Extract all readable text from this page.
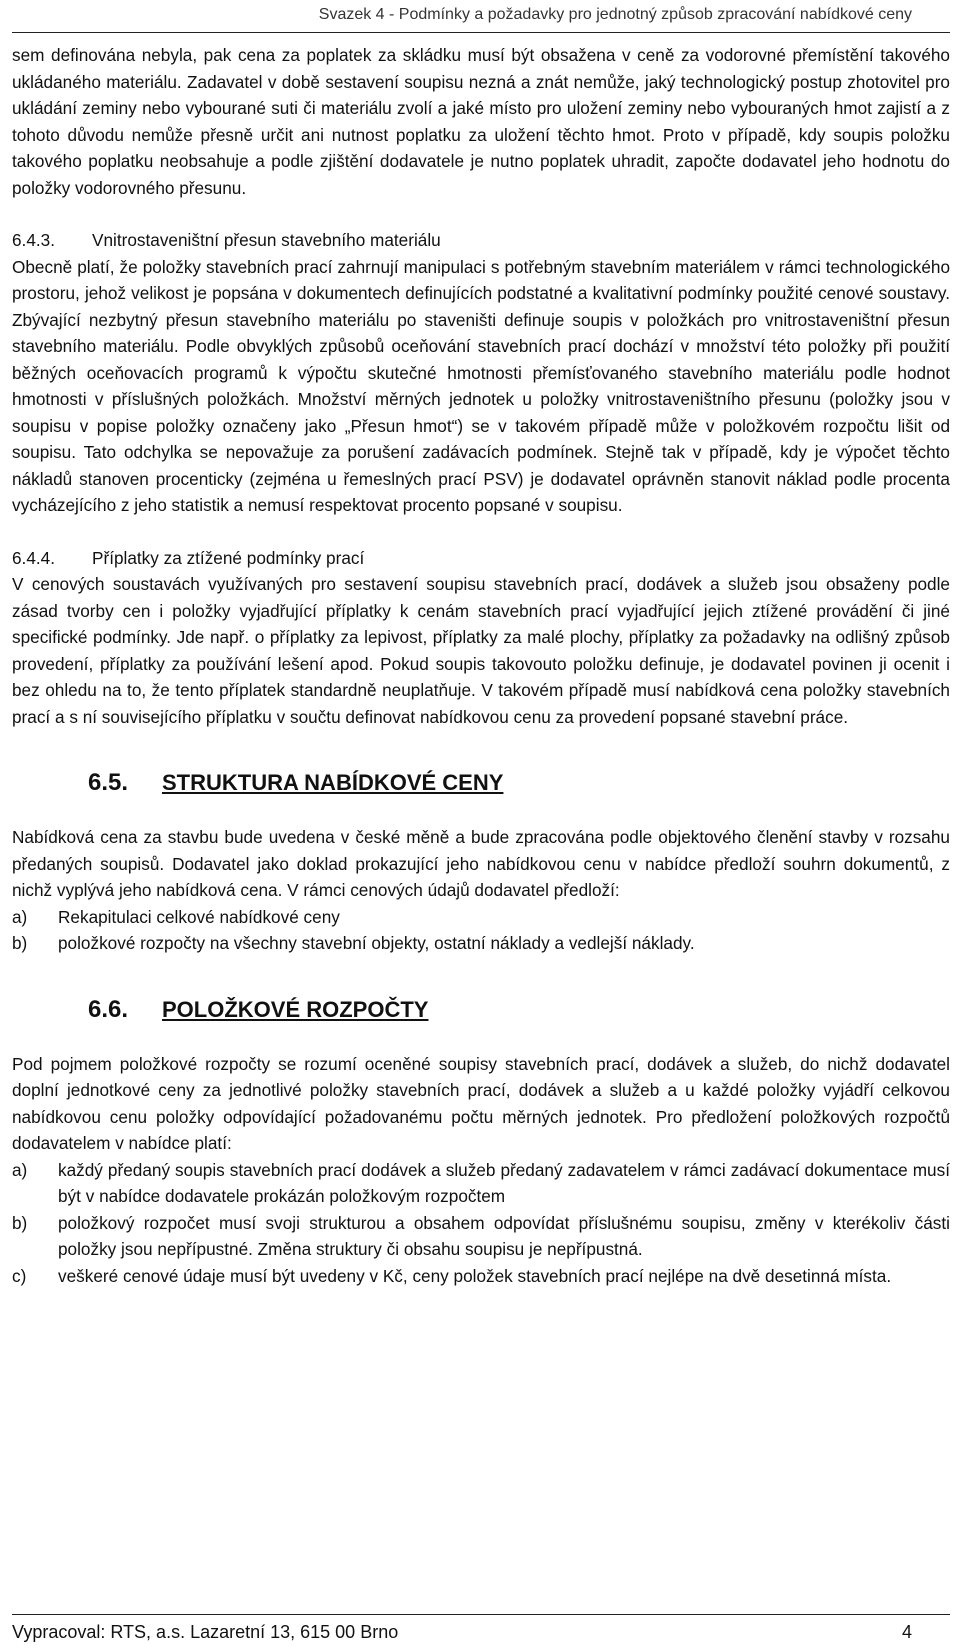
Svazek 4 - Podmínky a požadavky pro jednotný způsob zpracování nabídkové ceny

sem definována nebyla, pak cena za poplatek za skládku musí být obsažena v ceně za vodorovné přemístění takového ukládaného materiálu. Zadavatel v době sestavení soupisu nezná a znát nemůže, jaký technologický postup zhotovitel pro ukládání zeminy nebo vybourané suti či materiálu zvolí a jaké místo pro uložení zeminy nebo vybouraných hmot zajistí a z tohoto důvodu nemůže přesně určit ani nutnost poplatku za uložení těchto hmot. Proto v případě, kdy soupis položku takového poplatku neobsahuje a podle zjištění dodavatele je nutno poplatek uhradit, započte dodavatel jeho hodnotu do položky vodorovného přesunu.

6.4.3. Vnitrostaveništní přesun stavebního materiálu

Obecně platí, že položky stavebních prací zahrnují manipulaci s potřebným stavebním materiálem v rámci technologického prostoru, jehož velikost je popsána v dokumentech definujících podstatné a kvalitativní podmínky použité cenové soustavy. Zbývající nezbytný přesun stavebního materiálu po staveništi definuje soupis v položkách pro vnitrostaveništní přesun stavebního materiálu. Podle obvyklých způsobů oceňování stavebních prací dochází v množství této položky při použití běžných oceňovacích programů k výpočtu skutečné hmotnosti přemísťovaného stavebního materiálu podle hodnot hmotnosti v příslušných položkách. Množství měrných jednotek u položky vnitrostaveništního přesunu (položky jsou v soupisu v popise položky označeny jako „Přesun hmot“) se v takovém případě může v položkovém rozpočtu lišit od soupisu. Tato odchylka se nepovažuje za porušení zadávacích podmínek. Stejně tak v případě, kdy je výpočet těchto nákladů stanoven procenticky (zejména u řemeslných prací PSV) je dodavatel oprávněn stanovit náklad podle procenta vycházejícího z jeho statistik a nemusí respektovat procento popsané v soupisu.

6.4.4. Příplatky za ztížené podmínky prací

V cenových soustavách využívaných pro sestavení soupisu stavebních prací, dodávek a služeb jsou obsaženy podle zásad tvorby cen i položky vyjadřující příplatky k cenám stavebních prací vyjadřující jejich ztížené provádění či jiné specifické podmínky. Jde např. o příplatky za lepivost, příplatky za malé plochy, příplatky za požadavky na odlišný způsob provedení, příplatky za používání lešení apod. Pokud soupis takovouto položku definuje, je dodavatel povinen ji ocenit i bez ohledu na to, že tento příplatek standardně neuplatňuje. V takovém případě musí nabídková cena položky stavebních prací a s ní souvisejícího příplatku v součtu definovat nabídkovou cenu za provedení popsané stavební práce.

6.5. STRUKTURA NABÍDKOVÉ CENY

Nabídková cena za stavbu bude uvedena v české měně a bude zpracována podle objektového členění stavby v rozsahu předaných soupisů. Dodavatel jako doklad prokazující jeho nabídkovou cenu v nabídce předloží souhrn dokumentů, z nichž vyplývá jeho nabídková cena. V rámci cenových údajů dodavatel předloží:

a)	Rekapitulaci celkové nabídkové ceny
b)	položkové rozpočty na všechny stavební objekty, ostatní náklady a vedlejší náklady.
6.6. POLOŽKOVÉ ROZPOČTY

Pod pojmem položkové rozpočty se rozumí oceněné soupisy stavebních prací, dodávek a služeb, do nichž dodavatel doplní jednotkové ceny za jednotlivé položky stavebních prací, dodávek a služeb a u každé položky vyjádří celkovou nabídkovou cenu položky odpovídající požadovanému počtu měrných jednotek. Pro předložení položkových rozpočtů dodavatelem v nabídce platí:

a)	každý předaný soupis stavebních prací dodávek a služeb předaný zadavatelem v rámci zadávací dokumentace musí být v nabídce dodavatele prokázán položkovým rozpočtem
b)	položkový rozpočet musí svoji strukturou a obsahem odpovídat příslušnému soupisu, změny v kterékoliv části položky jsou nepřípustné. Změna struktury či obsahu soupisu je nepřípustná.
c)	veškeré cenové údaje musí být uvedeny v Kč, ceny položek stavebních prací nejlépe na dvě desetinná místa.
Vypracoval: RTS, a.s. Lazaretní 13, 615 00 Brno	4
